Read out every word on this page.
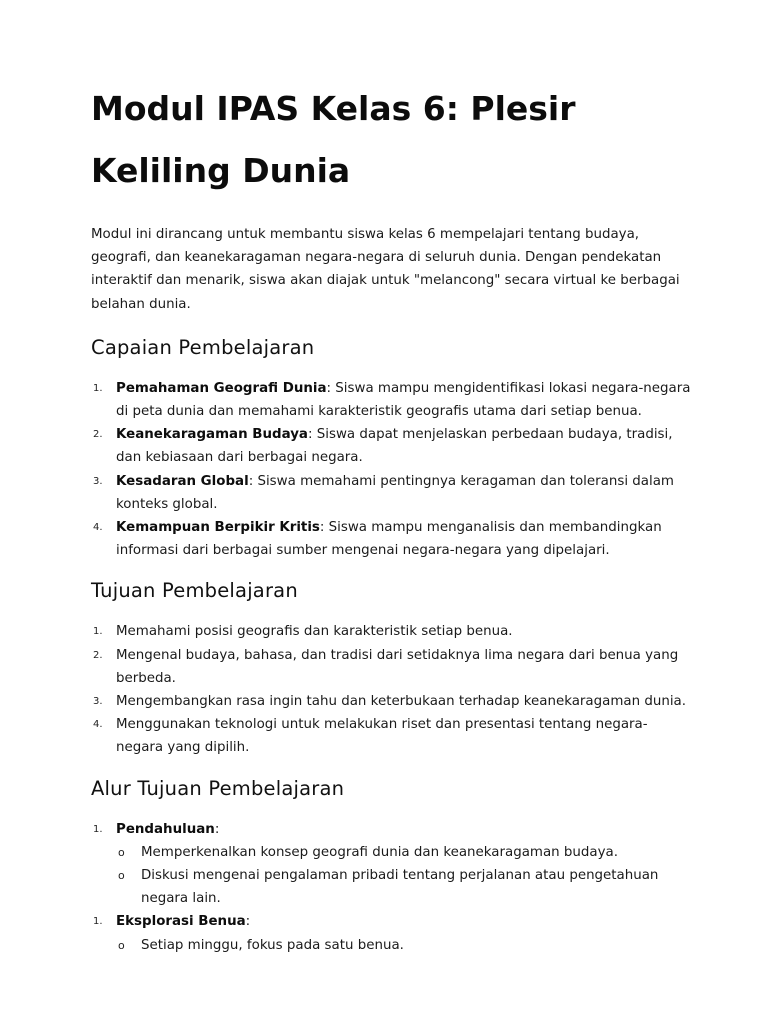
Modul IPAS Kelas 6: Plesir Keliling Dunia

Modul ini dirancang untuk membantu siswa kelas 6 mempelajari tentang budaya, geografi, dan keanekaragaman negara-negara di seluruh dunia. Dengan pendekatan interaktif dan menarik, siswa akan diajak untuk "melancong" secara virtual ke berbagai belahan dunia.

Capaian Pembelajaran
1. Pemahaman Geografi Dunia: Siswa mampu mengidentifikasi lokasi negara-negara di peta dunia dan memahami karakteristik geografis utama dari setiap benua.
2. Keanekaragaman Budaya: Siswa dapat menjelaskan perbedaan budaya, tradisi, dan kebiasaan dari berbagai negara.
3. Kesadaran Global: Siswa memahami pentingnya keragaman dan toleransi dalam konteks global.
4. Kemampuan Berpikir Kritis: Siswa mampu menganalisis dan membandingkan informasi dari berbagai sumber mengenai negara-negara yang dipelajari.
Tujuan Pembelajaran
1. Memahami posisi geografis dan karakteristik setiap benua.
2. Mengenal budaya, bahasa, dan tradisi dari setidaknya lima negara dari benua yang berbeda.
3. Mengembangkan rasa ingin tahu dan keterbukaan terhadap keanekaragaman dunia.
4. Menggunakan teknologi untuk melakukan riset dan presentasi tentang negara-negara yang dipilih.
Alur Tujuan Pembelajaran
1. Pendahuluan:
o Memperkenalkan konsep geografi dunia dan keanekaragaman budaya.
o Diskusi mengenai pengalaman pribadi tentang perjalanan atau pengetahuan negara lain.
1. Eksplorasi Benua:
o Setiap minggu, fokus pada satu benua.
